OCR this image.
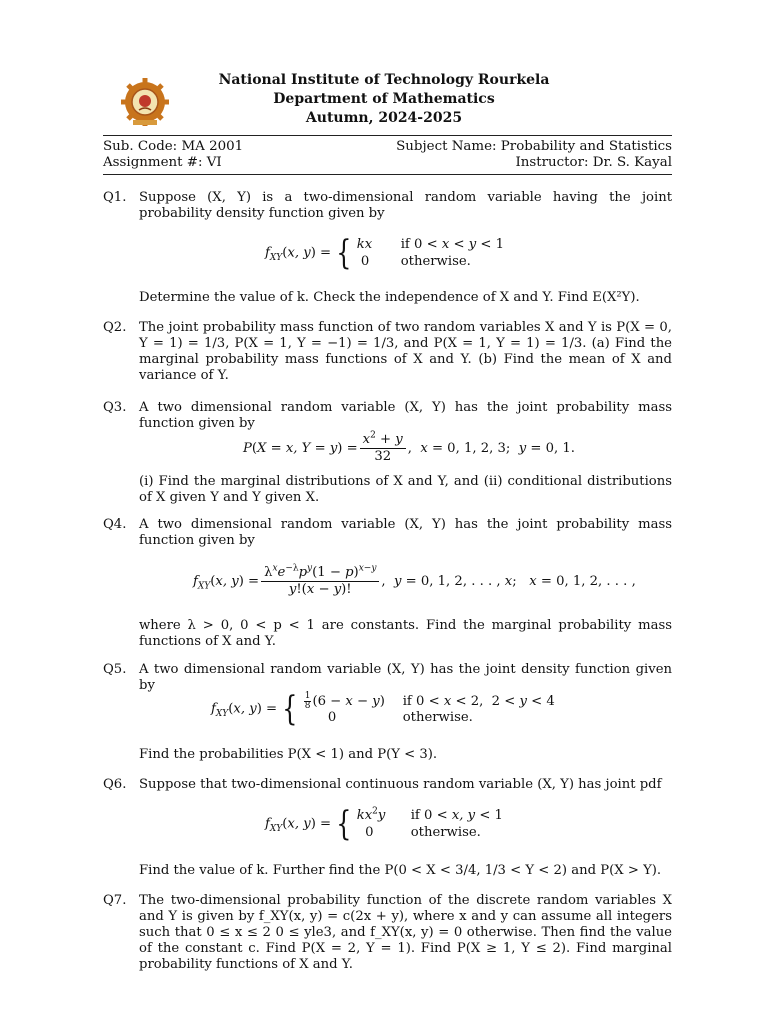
National Institute of Technology Rourkela
Department of Mathematics
Autumn, 2024-2025
Sub. Code: MA 2001
Assignment #: VI
Subject Name: Probability and Statistics
Instructor: Dr. S. Kayal
Q1. Suppose (X, Y) is a two-dimensional random variable having the joint probability density function given by
$f_{XY}(x$, y) = { kx if 0 < x < y < 1
0 otherwise.
Determine the value of k. Check the independence of X and Y. Find E(X²Y).
Q2. The joint probability mass function of two random variables X and Y is P(X = 0, Y = 1) = 1/3, P(X = 1, Y = −1) = 1/3, and P(X = 1, Y = 1) = 1/3. (a) Find the marginal probability mass functions of X and Y. (b) Find the mean of X and variance of Y.
Q3. A two dimensional random variable (X, Y) has the joint probability mass function given by
P(X = x, $Y = y) = \frac{x^2 + y}{32}$ ,  x = 0, 1, 2, 3;  y = 0, 1.
(i) Find the marginal distributions of X and Y, and (ii) conditional distributions of X given Y and Y given X.
Q4. A two dimensional random variable (X, Y) has the joint probability mass function given by
$f_{XY}(x$, $y) = \frac{\lambda^xe^{-\lambda}p^y(1 - p)^{x-y}}{y!(x - y)!}$ ,  y = 0, 1, 2, . . . , x;   x = 0, 1, 2, . . . ,
where λ > 0, 0 < p < 1 are constants. Find the marginal probability mass functions of X and Y.
Q5. A two dimensional random variable (X, Y) has the joint density function given by
$f_{XY}(x$, y) = { $\frac{1}{8} (6 - x - y)$ if 0 < x < 2,  2 < y < 4
0	otherwise.
Find the probabilities P(X < 1) and P(Y < 3).
Q6. Suppose that two-dimensional continuous random variable (X, Y) has joint pdf
$f_{XY}(x$, y) = { $kx^2y$ if 0 < x, y < 1
0	otherwise.
Find the value of k. Further find the P(0 < X < 3/4, 1/3 < Y < 2) and P(X > Y).
Q7. The two-dimensional probability function of the discrete random variables X and Y is given by f_XY(x, y) = c(2x + y), where x and y can assume all integers such that 0 ≤ x ≤ 2 0 ≤ yle3, and f_XY(x, y) = 0 otherwise. Then find the value of the constant c. Find P(X = 2, Y = 1). Find P(X ≥ 1, Y ≤ 2). Find marginal probability functions of X and Y.
